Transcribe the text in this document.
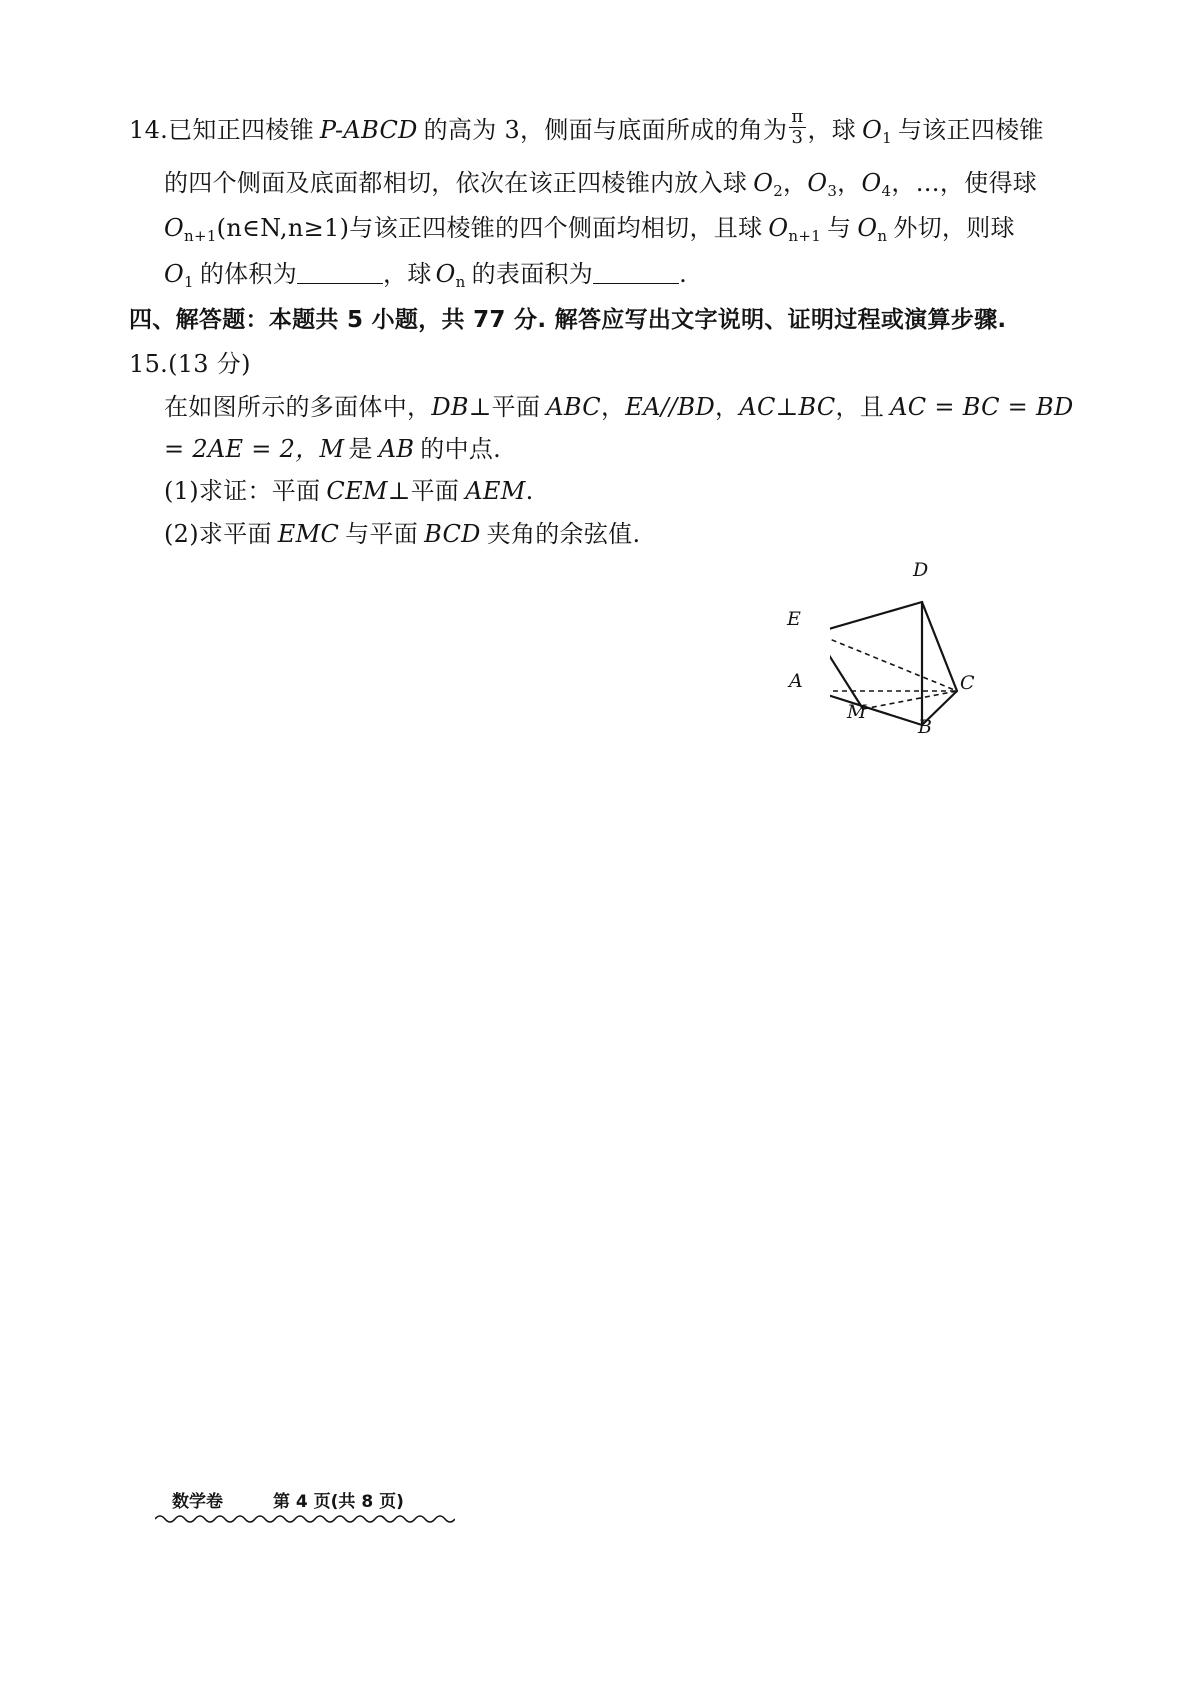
14.已知正四棱锥 P-ABCD 的高为 3，侧面与底面所成的角为 $\frac{\pi}{3}$ ，球 $O_1$ 与该正四棱锥
的四个侧面及底面都相切，依次在该正四棱锥内放入球 $O_2$，$O_3$，$O_4$，…，使得球
$O_{n+1}(n\in N,n\ge 1)$与该正四棱锥的四个侧面均相切，且球 $O_{n+1}$ 与 $O_n$ 外切，则球
$O_1$ 的体积为	，球 $O_n$ 的表面积为	.
四、解答题：本题共 5 小题，共 77 分. 解答应写出文字说明、证明过程或演算步骤.
15.(13 分)
在如图所示的多面体中，DB⊥平面 ABC，EA//BD，AC⊥BC，且 AC = BC = BD
= 2AE = 2，M 是 AB 的中点.
(1)求证：平面 CEM⊥平面 AEM.
(2)求平面 EMC 与平面 BCD 夹角的余弦值.
D
E
A	C
M
B
数学卷	第 4 页(共 8 页)
